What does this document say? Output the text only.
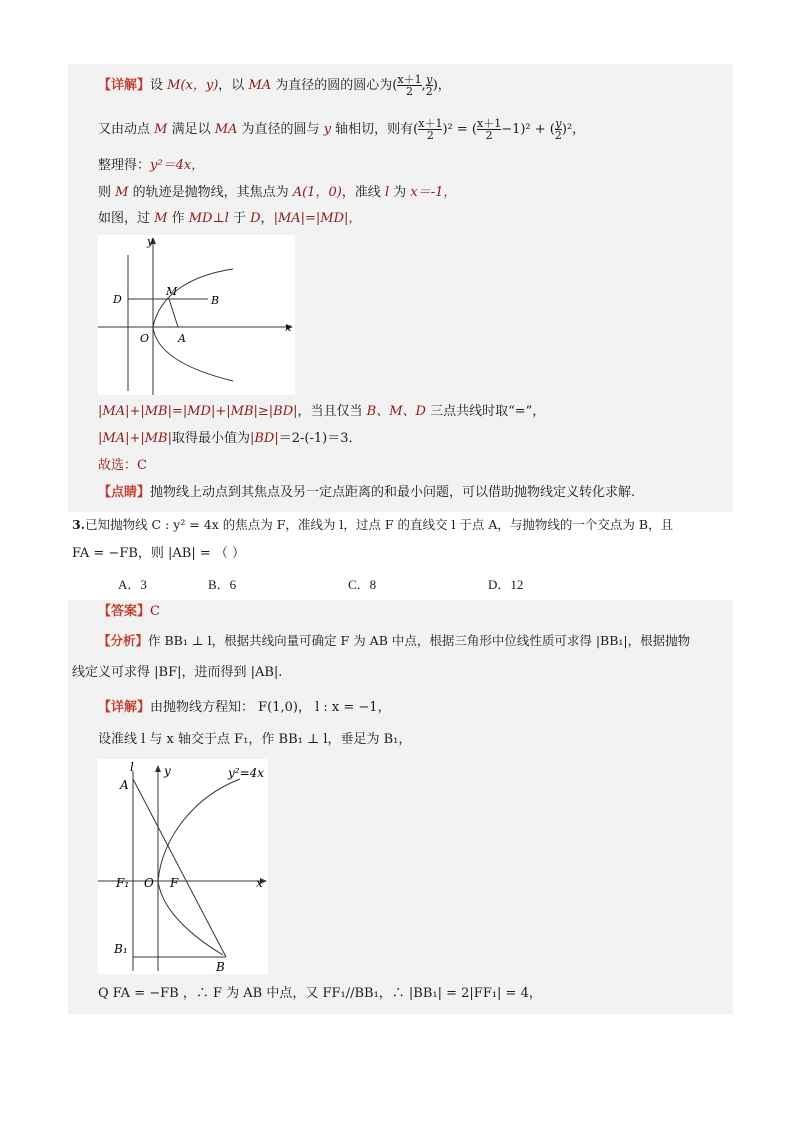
【详解】设 M(x，y)，以 MA 为直径的圆的圆心为( $\frac{x+1}{2}$ , $\frac{y}{2}$ )，
又由动点 M 满足以 MA 为直径的圆与 y 轴相切，则有( $\frac{x+1}{2} )^2$ = ( $\frac{x+1}{2} -1)^2$ + ( $\frac{y}{2} )^2$，
整理得：y²＝4x，
则 M 的轨迹是抛物线，其焦点为 A(1，0)，准线 l 为 x＝-1，
如图，过 M 作 MD⊥l 于 D，|MA|=|MD|，
y
x
D
M
B
O	A
|MA|+|MB|=|MD|+|MB|≥|BD|，当且仅当 B、M、D 三点共线时取“=”，
|MA|+|MB|取得最小值为|BD|＝2-(-1)＝3．
故选：C
【点睛】抛物线上动点到其焦点及另一定点距离的和最小问题，可以借助抛物线定义转化求解.
3.已知抛物线 C : y² = 4x 的焦点为 F，准线为 l，过点 F 的直线交 l 于点 A，与抛物线的一个交点为 B，且
FA = −FB，则 |AB| = （ ）
A．3	B．6	C．8	D．12
【答案】C
【分析】作 BB₁ ⊥ l，根据共线向量可确定 F 为 AB 中点，根据三角形中位线性质可求得 |BB₁|，根据抛物
线定义可求得 |BF|，进而得到 |AB|.
【详解】由抛物线方程知： F(1,0)， l : x = −1，
设准线 l 与 x 轴交于点 F₁，作 BB₁ ⊥ l，垂足为 B₁，
l	y	y²=4x
A
F₁ O F	x
B₁
B
Q FA = −FB ，∴ F 为 AB 中点，又 FF₁//BB₁，∴ |BB₁| = 2|FF₁| = 4，
